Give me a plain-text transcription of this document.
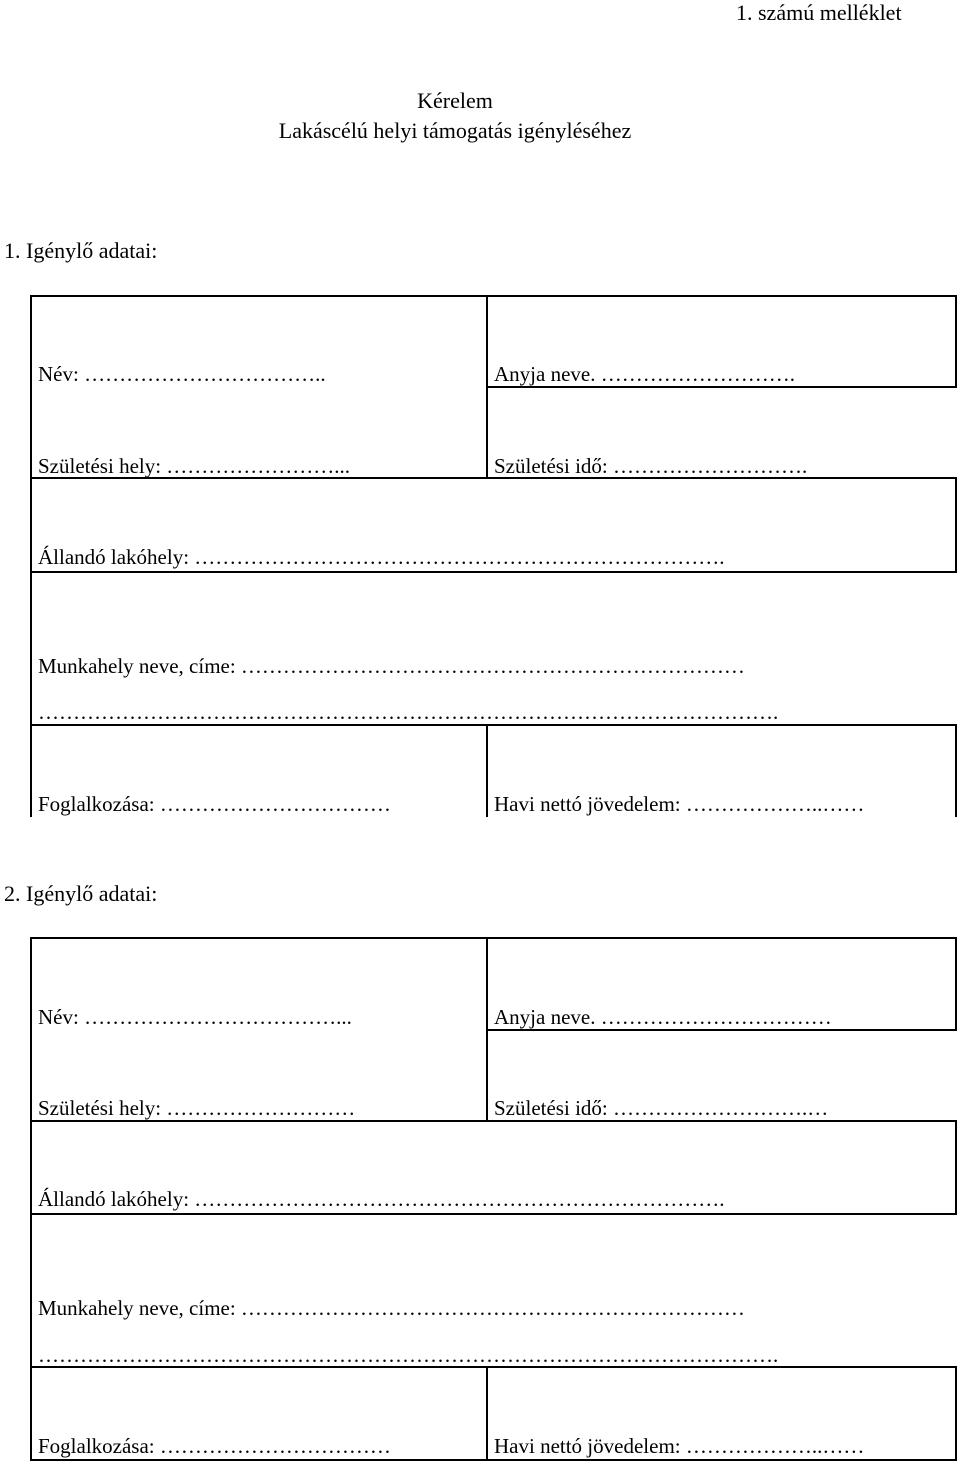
1. számú melléklet
Kérelem
Lakáscélú helyi támogatás igényléséhez
1. Igénylő adatai:
Név: ……………………………..	Anyja neve. ……………………….
Születési hely: ……………………...	Születési idő: ……………………….
Állandó lakóhely: ………………………………………………………………….
Munkahely neve, címe: ………………………………………………………………
…………………………………………………………………………………………….
Foglalkozása: ……………………………	Havi nettó jövedelem: ………………..……
2. Igénylő adatai:
Név: ………………………………...	Anyja neve. ……………………………
Születési hely: ………………………	Születési idő: ……………………….…
Állandó lakóhely: ………………………………………………………………….
Munkahely neve, címe: ………………………………………………………………
…………………………………………………………………………………………….
Foglalkozása: ……………………………	Havi nettó jövedelem: ………………..……
